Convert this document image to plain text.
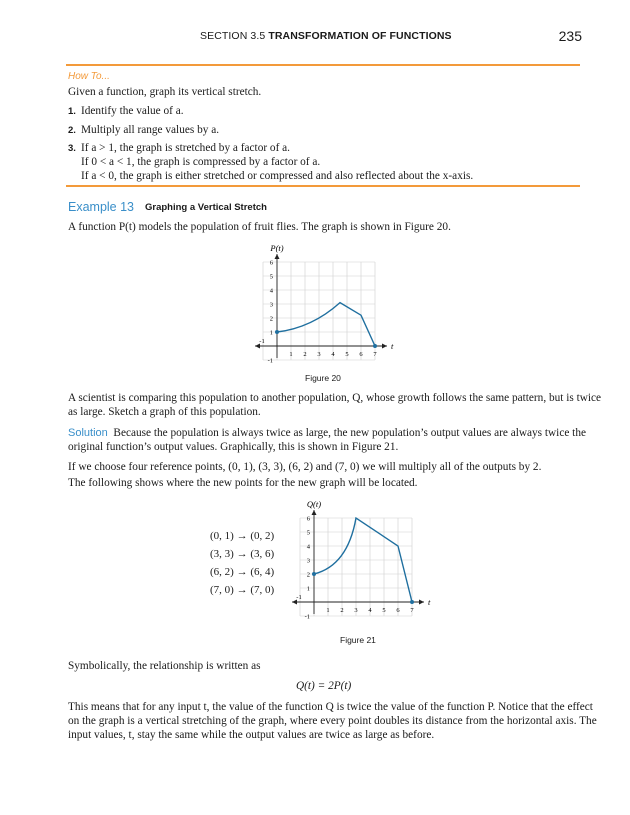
SECTION 3.5 TRANSFORMATION OF FUNCTIONS	235
How To...
Given a function, graph its vertical stretch.
1. Identify the value of a.
2. Multiply all range values by a.
3. If a > 1, the graph is stretched by a factor of a.
If 0 < a < 1, the graph is compressed by a factor of a.
If a < 0, the graph is either stretched or compressed and also reflected about the x-axis.
Example 13 Graphing a Vertical Stretch
A function P(t) models the population of fruit flies. The graph is shown in Figure 20.
-1
1 2 3 4 5 6 7
-1
1
2
3
4
5
6
t
P(t)
Figure 20
A scientist is comparing this population to another population, Q, whose growth follows the same pattern, but is twice
as large. Sketch a graph of this population.
Solution Because the population is always twice as large, the new population’s output values are always twice the
original function’s output values. Graphically, this is shown in Figure 21.
If we choose four reference points, (0, 1), (3, 3), (6, 2) and (7, 0) we will multiply all of the outputs by 2.
The following shows where the new points for the new graph will be located.
(0, 1) → (0, 2)
(3, 3) → (3, 6)
(6, 2) → (6, 4)
(7, 0) → (7, 0)
-1
1 2 3 4 5 6 7
-1
1
2
3
4
5
6
t
Q(t)
Figure 21
Symbolically, the relationship is written as
Q(t) = 2P(t)
This means that for any input t, the value of the function Q is twice the value of the function P. Notice that the effect
on the graph is a vertical stretching of the graph, where every point doubles its distance from the horizontal axis. The
input values, t, stay the same while the output values are twice as large as before.
